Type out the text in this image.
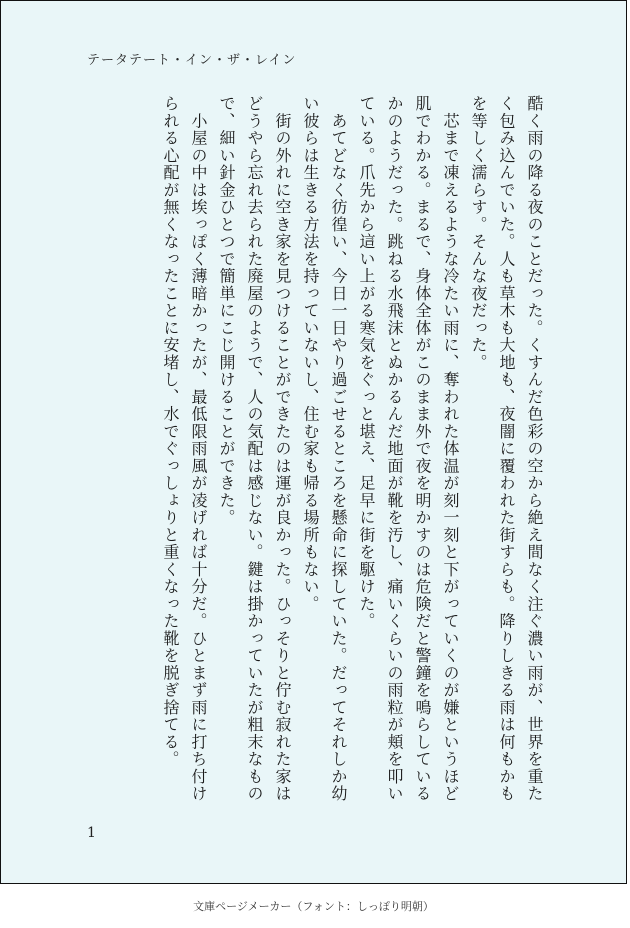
テータテート・イン・ザ・レイン

酷く雨の降る夜のことだった。くすんだ色彩の空から絶え間なく注ぐ濃い雨が、世界を重たく包み込んでいた。人も草木も大地も、夜闇に覆われた街すらも。降りしきる雨は何もかもを等しく濡らす。そんな夜だった。

　芯まで凍えるような冷たい雨に、奪われた体温が刻一刻と下がっていくのが嫌というほど肌でわかる。まるで、身体全体がこのまま外で夜を明かすのは危険だと警鐘を鳴らしているかのようだった。跳ねる水飛沫とぬかるんだ地面が靴を汚し、痛いくらいの雨粒が頬を叩いている。爪先から這い上がる寒気をぐっと堪え、足早に街を駆けた。

　あてどなく彷徨い、今日一日やり過ごせるところを懸命に探していた。だってそれしか幼い彼らは生きる方法を持っていないし、住む家も帰る場所もない。

　街の外れに空き家を見つけることができたのは運が良かった。ひっそりと佇む寂れた家はどうやら忘れ去られた廃屋のようで、人の気配は感じない。鍵は掛かっていたが粗末なもので、細い針金ひとつで簡単にこじ開けることができた。

　小屋の中は埃っぽく薄暗かったが、最低限雨風が凌げれば十分だ。ひとまず雨に打ち付けられる心配が無くなったことに安堵し、水でぐっしょりと重くなった靴を脱ぎ捨てる。

1
文庫ページメーカー（フォント：しっぽり明朝）
